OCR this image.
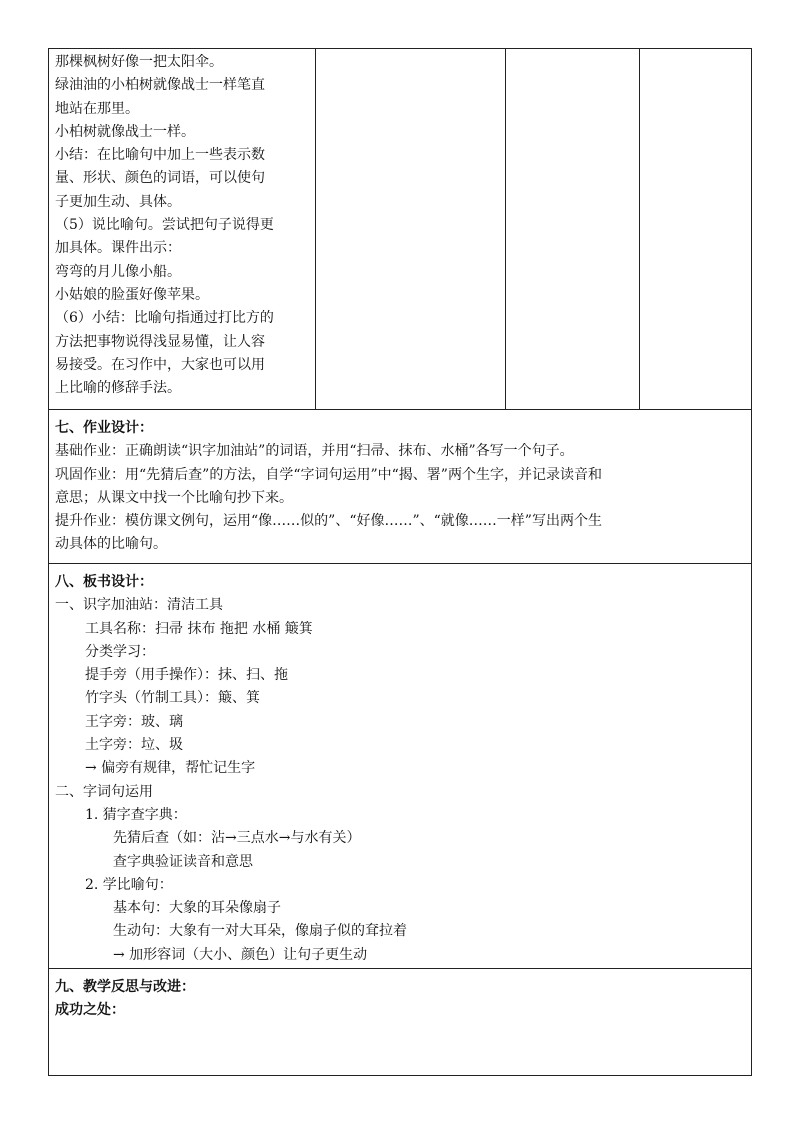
那棵枫树好像一把太阳伞。
绿油油的小柏树就像战士一样笔直
地站在那里。
小柏树就像战士一样。
小结：在比喻句中加上一些表示数
量、形状、颜色的词语，可以使句
子更加生动、具体。
（5）说比喻句。尝试把句子说得更
加具体。课件出示：
弯弯的月儿像小船。
小姑娘的脸蛋好像苹果。
（6）小结：比喻句指通过打比方的
方法把事物说得浅显易懂，让人容
易接受。在习作中，大家也可以用
上比喻的修辞手法。
七、作业设计：
基础作业：正确朗读“识字加油站”的词语，并用“扫帚、抹布、水桶”各写一个句子。
巩固作业：用“先猜后查”的方法，自学“字词句运用”中“揭、署”两个生字，并记录读音和
意思；从课文中找一个比喻句抄下来。
提升作业：模仿课文例句，运用“像……似的”、“好像……”、“就像……一样”写出两个生
动具体的比喻句。
八、板书设计：
一、识字加油站：清洁工具
工具名称：扫帚 抹布 拖把 水桶 簸箕
分类学习：
提手旁（用手操作）：抹、扫、拖
竹字头（竹制工具）：簸、箕
王字旁：玻、璃
土字旁：垃、圾
→ 偏旁有规律，帮忙记生字
二、字词句运用
1. 猜字查字典：
先猜后查（如：沾→三点水→与水有关）
查字典验证读音和意思
2. 学比喻句：
基本句：大象的耳朵像扇子
生动句：大象有一对大耳朵，像扇子似的耷拉着
→ 加形容词（大小、颜色）让句子更生动
九、教学反思与改进：
成功之处：
